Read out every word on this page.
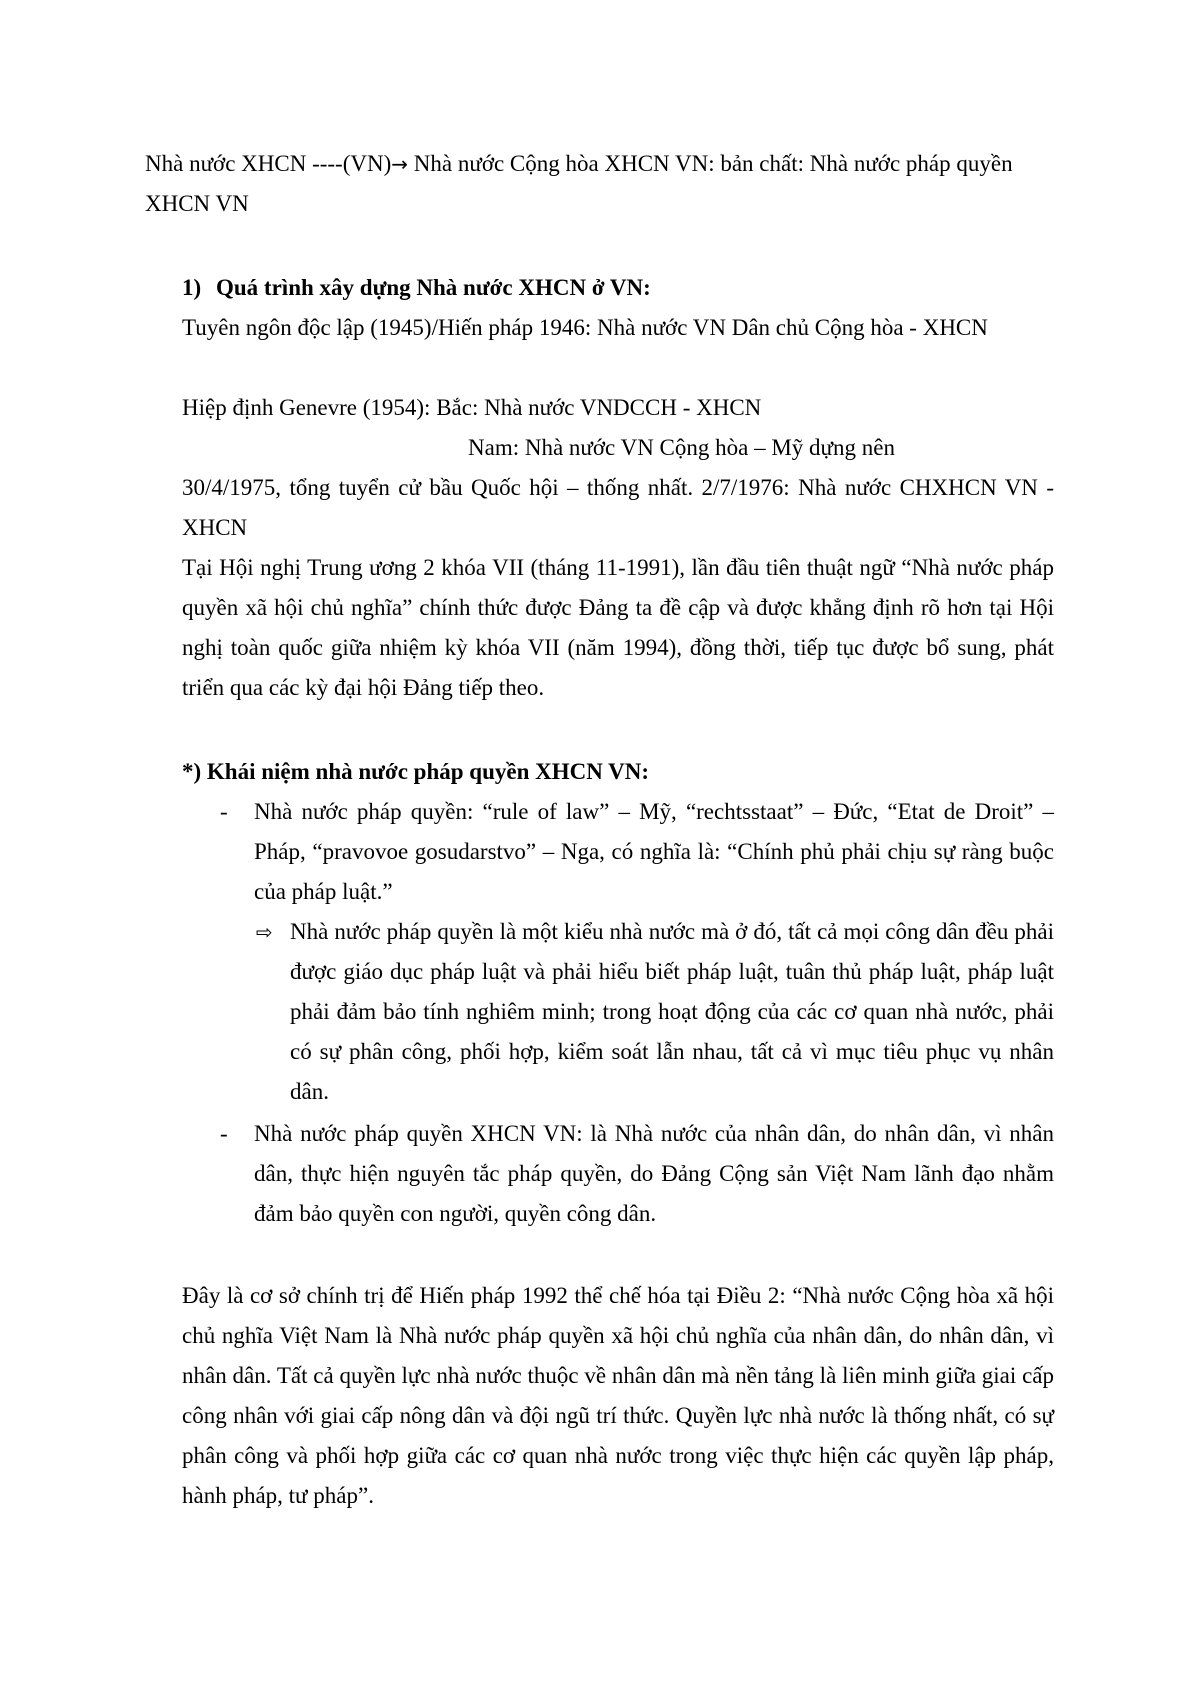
Nhà nước XHCN ----(VN)→ Nhà nước Cộng hòa XHCN VN: bản chất: Nhà nước pháp quyền XHCN VN

1) Quá trình xây dựng Nhà nước XHCN ở VN:

Tuyên ngôn độc lập (1945)/Hiến pháp 1946: Nhà nước VN Dân chủ Cộng hòa - XHCN

Hiệp định Genevre (1954): Bắc: Nhà nước VNDCCH - XHCN

Nam: Nhà nước VN Cộng hòa – Mỹ dựng nên

30/4/1975, tổng tuyển cử bầu Quốc hội – thống nhất. 2/7/1976: Nhà nước CHXHCN VN - XHCN

Tại Hội nghị Trung ương 2 khóa VII (tháng 11-1991), lần đầu tiên thuật ngữ “Nhà nước pháp quyền xã hội chủ nghĩa” chính thức được Đảng ta đề cập và được khẳng định rõ hơn tại Hội nghị toàn quốc giữa nhiệm kỳ khóa VII (năm 1994), đồng thời, tiếp tục được bổ sung, phát triển qua các kỳ đại hội Đảng tiếp theo.

*) Khái niệm nhà nước pháp quyền XHCN VN:

- Nhà nước pháp quyền: “rule of law” – Mỹ, “rechtsstaat” – Đức, “Etat de Droit” – Pháp, “pravovoe gosudarstvo” – Nga, có nghĩa là: “Chính phủ phải chịu sự ràng buộc của pháp luật.”

⇨ Nhà nước pháp quyền là một kiểu nhà nước mà ở đó, tất cả mọi công dân đều phải được giáo dục pháp luật và phải hiểu biết pháp luật, tuân thủ pháp luật, pháp luật phải đảm bảo tính nghiêm minh; trong hoạt động của các cơ quan nhà nước, phải có sự phân công, phối hợp, kiểm soát lẫn nhau, tất cả vì mục tiêu phục vụ nhân dân.

- Nhà nước pháp quyền XHCN VN: là Nhà nước của nhân dân, do nhân dân, vì nhân dân, thực hiện nguyên tắc pháp quyền, do Đảng Cộng sản Việt Nam lãnh đạo nhằm đảm bảo quyền con người, quyền công dân.

Đây là cơ sở chính trị để Hiến pháp 1992 thể chế hóa tại Điều 2: “Nhà nước Cộng hòa xã hội chủ nghĩa Việt Nam là Nhà nước pháp quyền xã hội chủ nghĩa của nhân dân, do nhân dân, vì nhân dân. Tất cả quyền lực nhà nước thuộc về nhân dân mà nền tảng là liên minh giữa giai cấp công nhân với giai cấp nông dân và đội ngũ trí thức. Quyền lực nhà nước là thống nhất, có sự phân công và phối hợp giữa các cơ quan nhà nước trong việc thực hiện các quyền lập pháp, hành pháp, tư pháp”.
